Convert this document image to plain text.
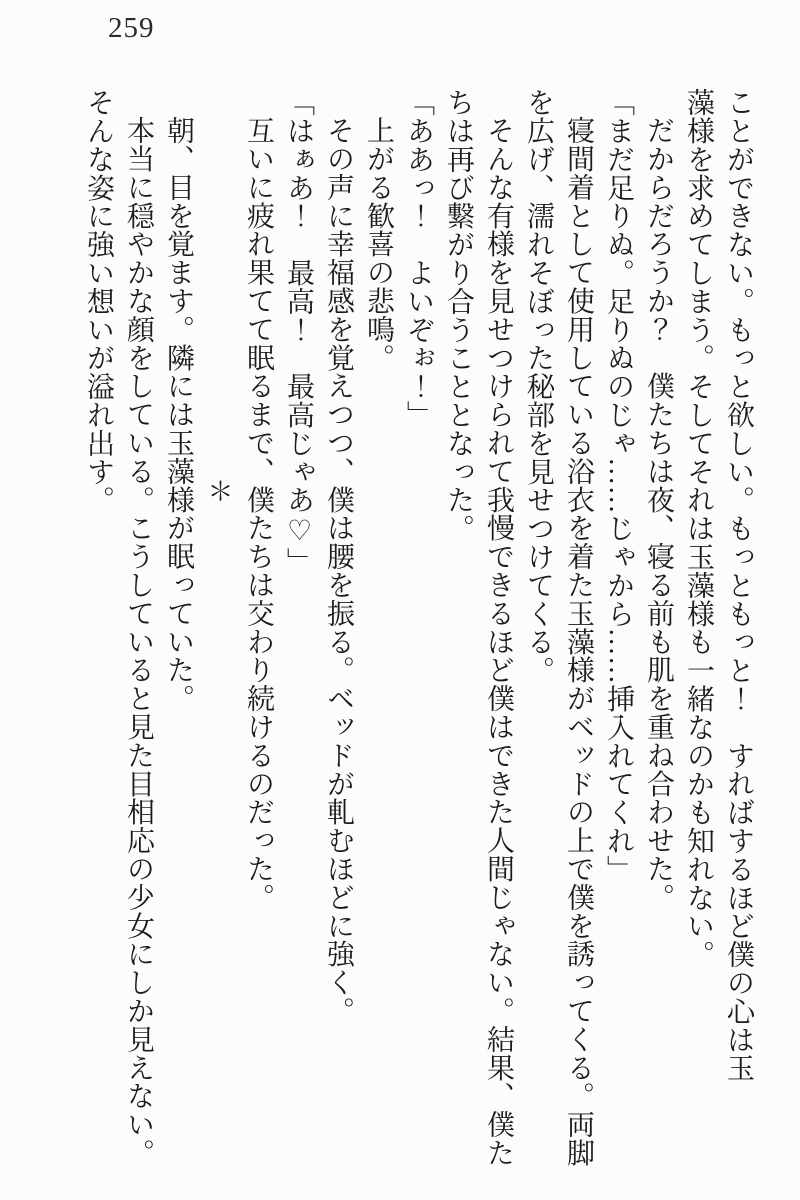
259

ことができない。もっと欲しい。もっともっと！　すればするほど僕の心は玉

藻様を求めてしまう。そしてそれは玉藻様も一緒なのかも知れない。

だからだろうか？　僕たちは夜、寝る前も肌を重ね合わせた。

「まだ足りぬ。足りぬのじゃ……じゃから……挿入れてくれ」

寝間着として使用している浴衣を着た玉藻様がベッドの上で僕を誘ってくる。両脚

を広げ、濡れそぼった秘部を見せつけてくる。

そんな有様を見せつけられて我慢できるほど僕はできた人間じゃない。結果、僕た

ちは再び繋がり合うこととなった。

「ああっ！　よいぞぉ！」

上がる歓喜の悲鳴。

その声に幸福感を覚えつつ、僕は腰を振る。ベッドが軋むほどに強く。

「はぁあ！　最高！　最高じゃあ♡」

互いに疲れ果てて眠るまで、僕たちは交わり続けるのだった。

＊

朝、目を覚ます。隣には玉藻様が眠っていた。

本当に穏やかな顔をしている。こうしていると見た目相応の少女にしか見えない。

そんな姿に強い想いが溢れ出す。
